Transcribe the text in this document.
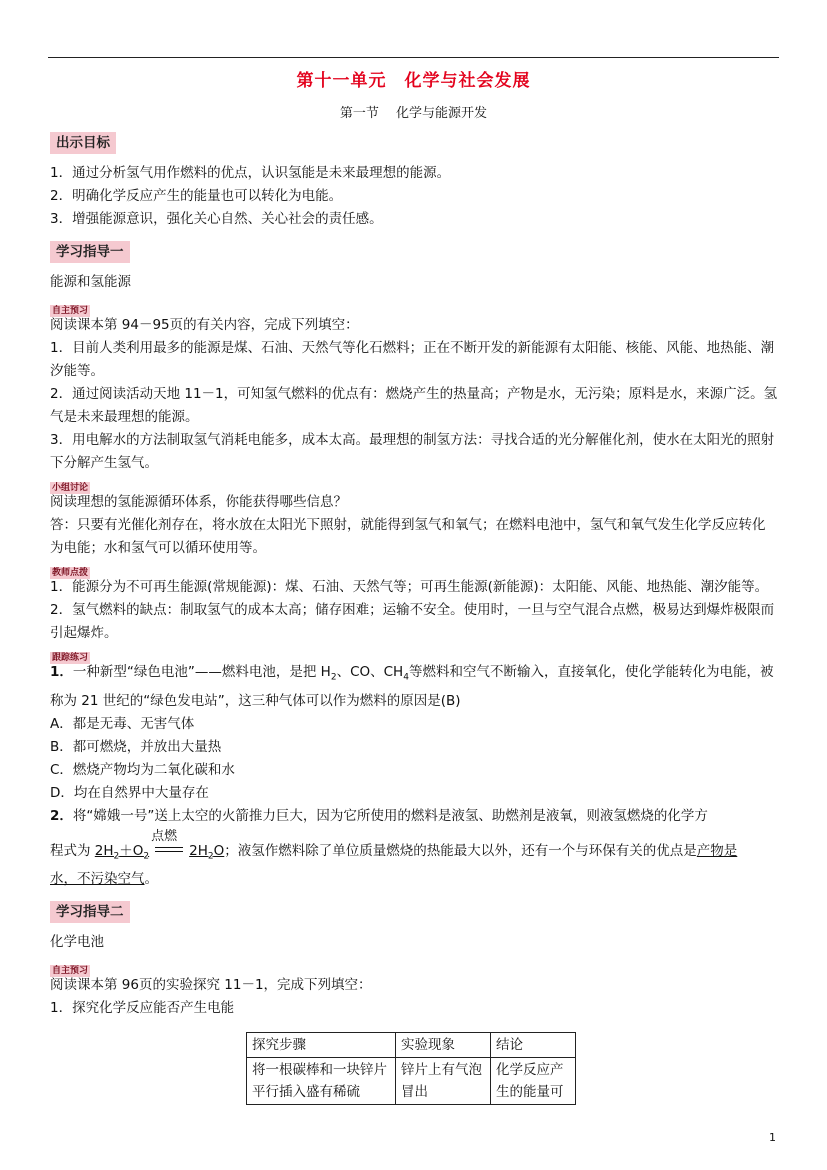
第十一单元　化学与社会发展
第一节　 化学与能源开发
出示目标

1．通过分析氢气用作燃料的优点，认识氢能是未来最理想的能源。

2．明确化学反应产生的能量也可以转化为电能。

3．增强能源意识，强化关心自然、关心社会的责任感。

学习指导一

能源和氢能源

自主预习

阅读课本第 94－95页的有关内容，完成下列填空：

1．目前人类利用最多的能源是煤、石油、天然气等化石燃料；正在不断开发的新能源有太阳能、核能、风能、地热能、潮汐能等。

2．通过阅读活动天地 11－1，可知氢气燃料的优点有：燃烧产生的热量高；产物是水，无污染；原料是水，来源广泛。氢气是未来最理想的能源。

3．用电解水的方法制取氢气消耗电能多，成本太高。最理想的制氢方法：寻找合适的光分解催化剂，使水在太阳光的照射下分解产生氢气。

小组讨论

阅读理想的氢能源循环体系，你能获得哪些信息？

答：只要有光催化剂存在，将水放在太阳光下照射，就能得到氢气和氧气；在燃料电池中，氢气和氧气发生化学反应转化为电能；水和氢气可以循环使用等。

教师点拨

1．能源分为不可再生能源(常规能源)：煤、石油、天然气等；可再生能源(新能源)：太阳能、风能、地热能、潮汐能等。

2．氢气燃料的缺点：制取氢气的成本太高；储存困难；运输不安全。使用时，一旦与空气混合点燃，极易达到爆炸极限而引起爆炸。

跟踪练习

1．一种新型“绿色电池”——燃料电池，是把 $H_2$、CO、$CH_4$等燃料和空气不断输入，直接氧化，使化学能转化为电能，被称为 21 世纪的“绿色发电站”，这三种气体可以作为燃料的原因是(B)

A．都是无毒、无害气体

B．都可燃烧，并放出大量热

C．燃烧产物均为二氧化碳和水

D．均在自然界中大量存在

2．将“嫦娥一号”送上太空的火箭推力巨大，因为它所使用的燃料是液氢、助燃剂是液氧，则液氢燃烧的化学方

程式为 $2H_2+O_2$
点燃
$2H_2O$；液氢作燃料除了单位质量燃烧的热能最大以外，还有一个与环保有关的优点是产物是

水，不污染空气。

学习指导二

化学电池

自主预习

阅读课本第 96页的实验探究 11－1，完成下列填空：

1．探究化学反应能否产生电能

探究步骤	实验现象	结论
将一根碳棒和一块锌片平行插入盛有稀硫	锌片上有气泡冒出	化学反应产生的能量可
1
